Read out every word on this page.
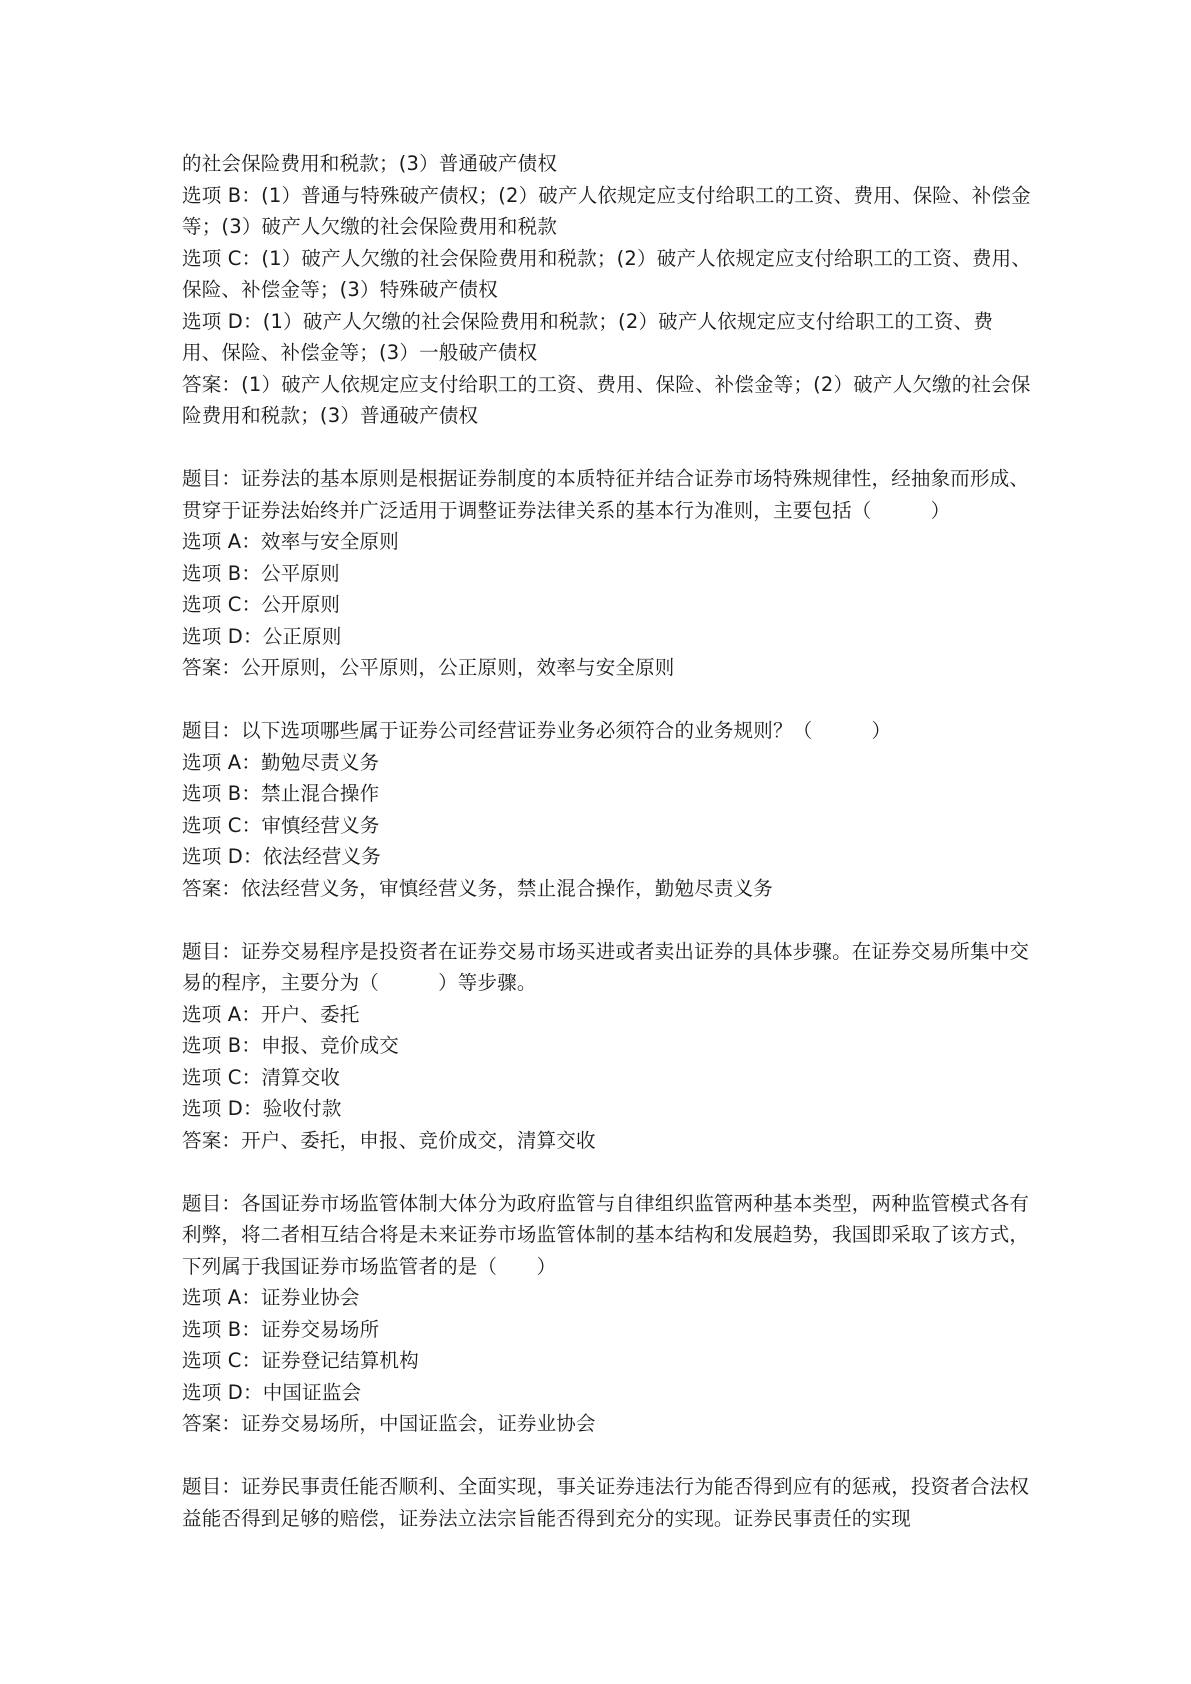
的社会保险费用和税款；(3）普通破产债权
选项 B：(1）普通与特殊破产债权；(2）破产人依规定应支付给职工的工资、费用、保险、补偿金等；(3）破产人欠缴的社会保险费用和税款
选项 C：(1）破产人欠缴的社会保险费用和税款；(2）破产人依规定应支付给职工的工资、费用、保险、补偿金等；(3）特殊破产债权
选项 D：(1）破产人欠缴的社会保险费用和税款；(2）破产人依规定应支付给职工的工资、费用、保险、补偿金等；(3）一般破产债权
答案：(1）破产人依规定应支付给职工的工资、费用、保险、补偿金等；(2）破产人欠缴的社会保险费用和税款；(3）普通破产债权
题目：证券法的基本原则是根据证券制度的本质特征并结合证券市场特殊规律性，经抽象而形成、贯穿于证券法始终并广泛适用于调整证券法律关系的基本行为准则，主要包括（　　　）
选项 A：效率与安全原则
选项 B：公平原则
选项 C：公开原则
选项 D：公正原则
答案：公开原则，公平原则，公正原则，效率与安全原则
题目：以下选项哪些属于证券公司经营证券业务必须符合的业务规则？（　　　）
选项 A：勤勉尽责义务
选项 B：禁止混合操作
选项 C：审慎经营义务
选项 D：依法经营义务
答案：依法经营义务，审慎经营义务，禁止混合操作，勤勉尽责义务
题目：证券交易程序是投资者在证券交易市场买进或者卖出证券的具体步骤。在证券交易所集中交易的程序，主要分为（　　　）等步骤。
选项 A：开户、委托
选项 B：申报、竞价成交
选项 C：清算交收
选项 D：验收付款
答案：开户、委托，申报、竞价成交，清算交收
题目：各国证券市场监管体制大体分为政府监管与自律组织监管两种基本类型，两种监管模式各有利弊，将二者相互结合将是未来证券市场监管体制的基本结构和发展趋势，我国即采取了该方式，下列属于我国证券市场监管者的是（　　）
选项 A：证券业协会
选项 B：证券交易场所
选项 C：证券登记结算机构
选项 D：中国证监会
答案：证券交易场所，中国证监会，证券业协会
题目：证券民事责任能否顺利、全面实现，事关证券违法行为能否得到应有的惩戒，投资者合法权益能否得到足够的赔偿，证券法立法宗旨能否得到充分的实现。证券民事责任的实现
